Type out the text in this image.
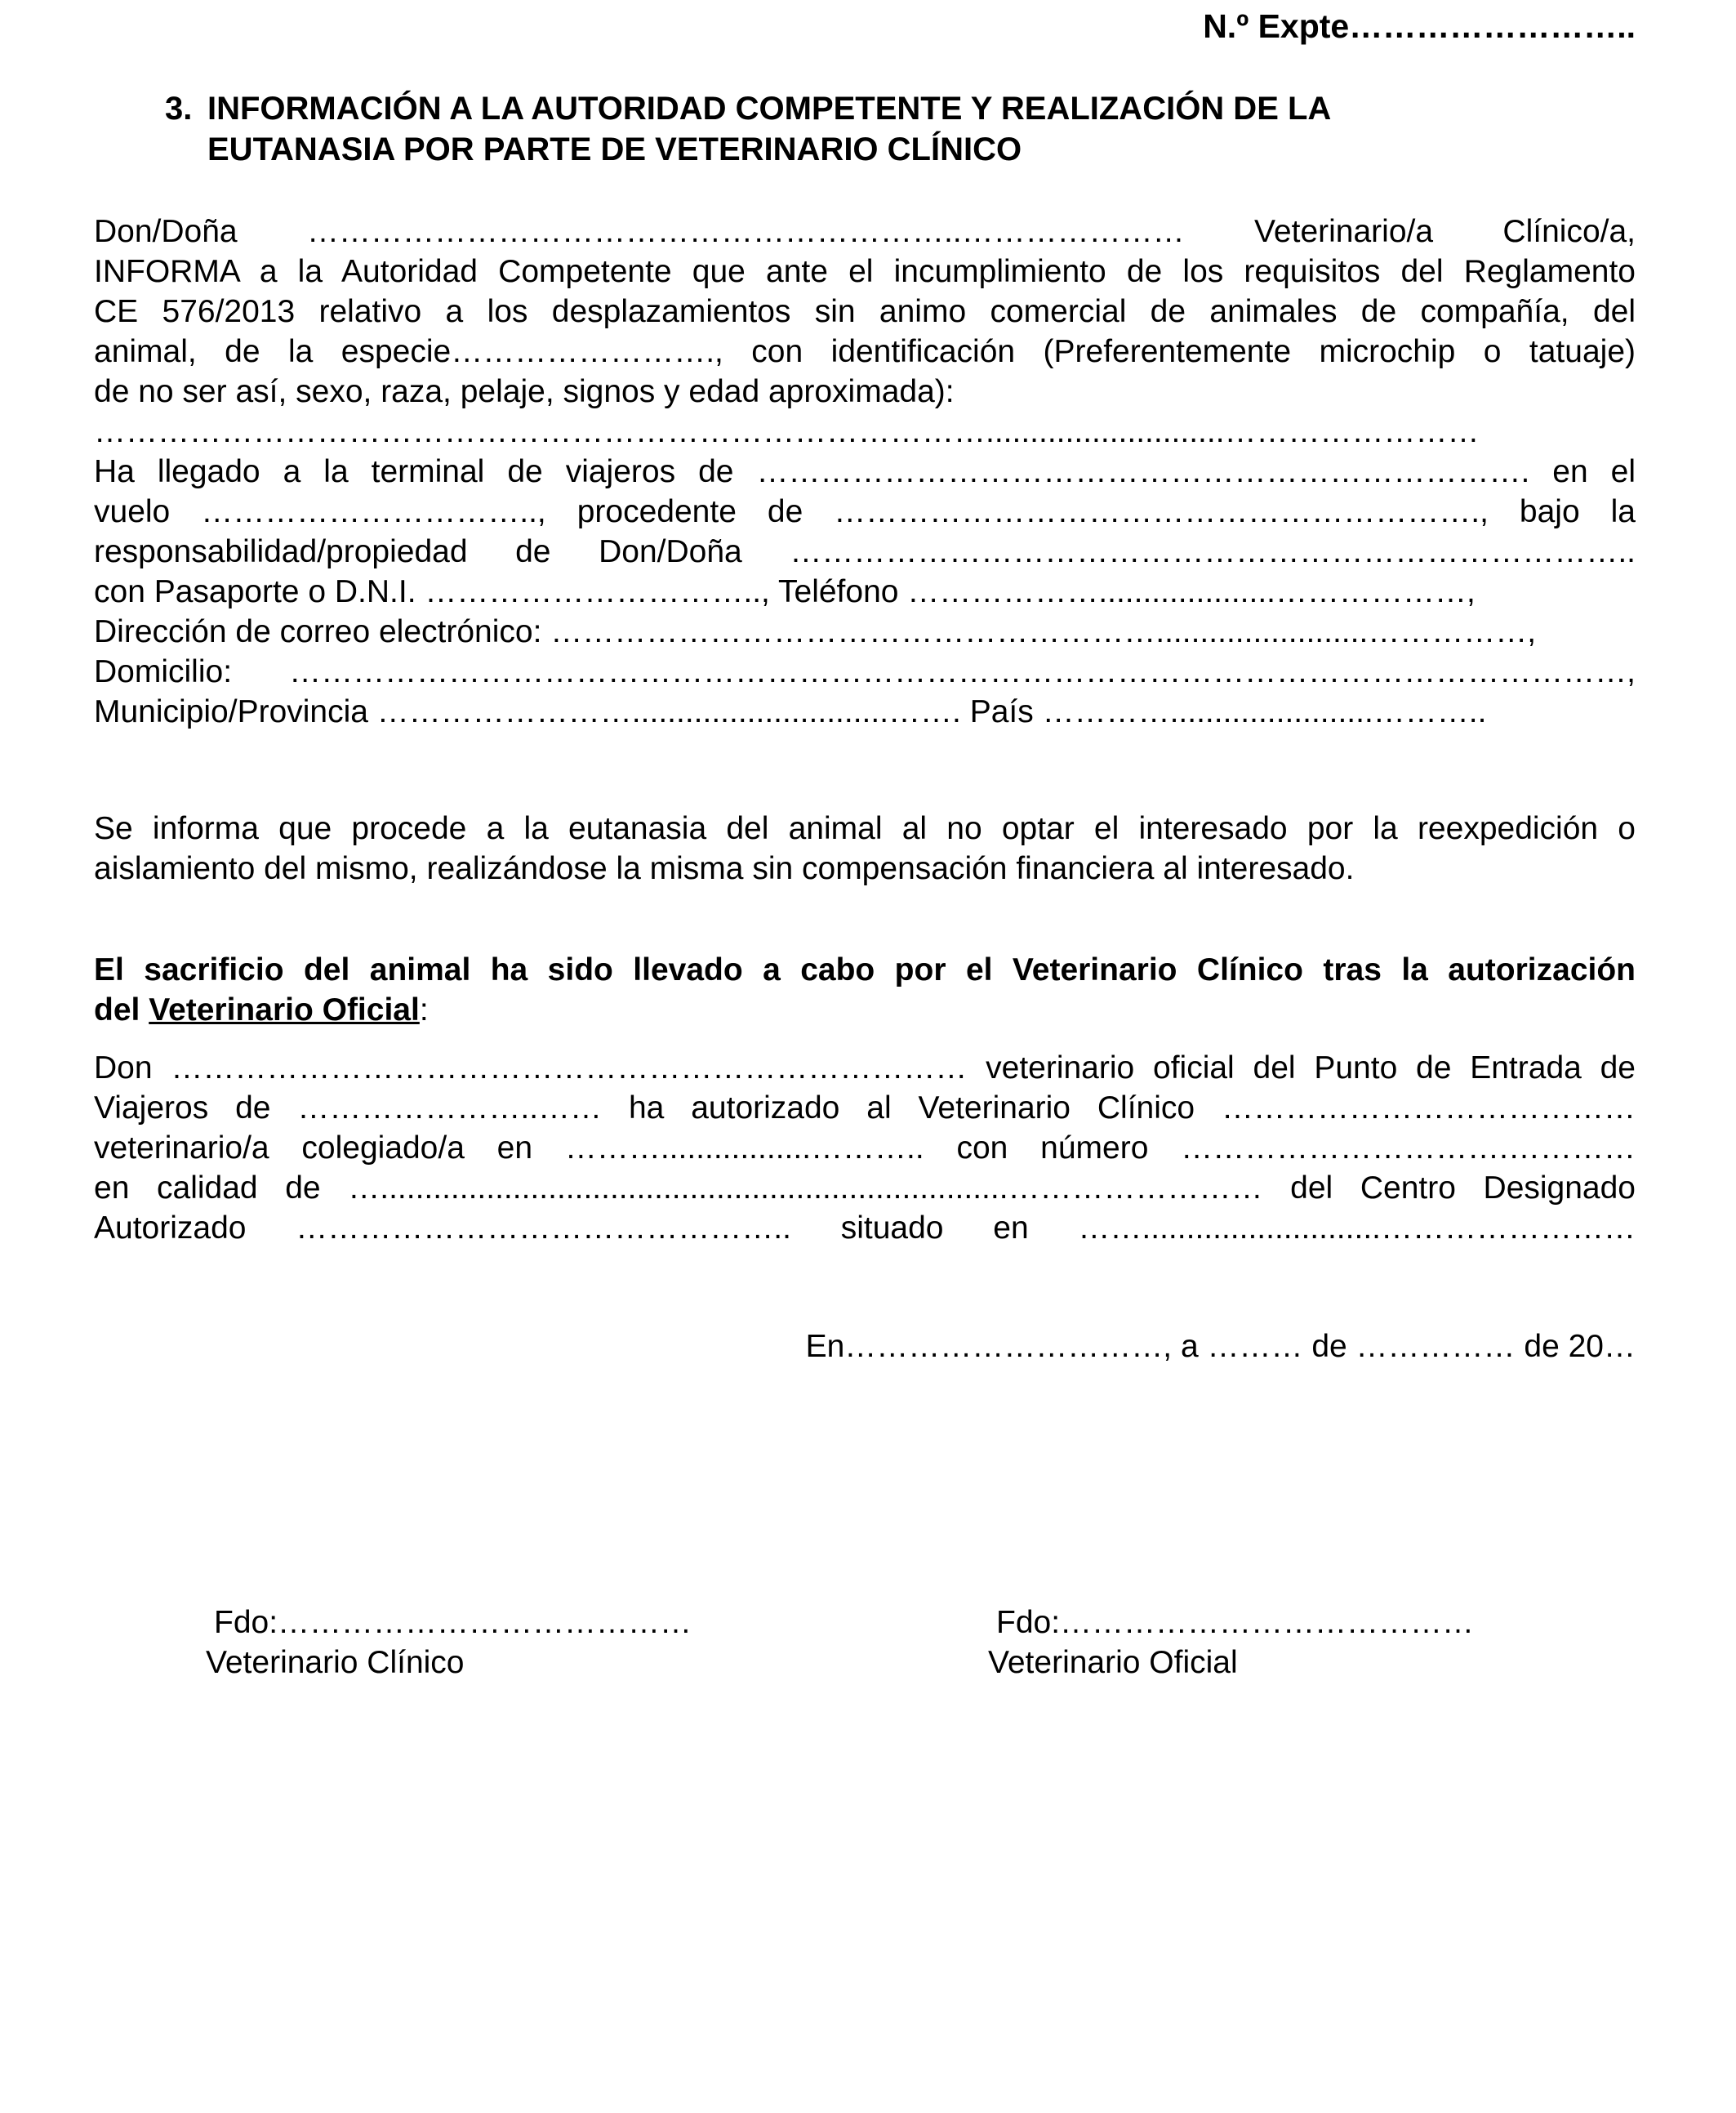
N.º Expte……………………..
3. INFORMACIÓN A LA AUTORIDAD COMPETENTE Y REALIZACIÓN DE LA
EUTANASIA POR PARTE DE VETERINARIO CLÍNICO
Don/Doña ……………………………………………………..………………… Veterinario/a Clínico/a,
INFORMA a la Autoridad Competente que ante el incumplimiento de los requisitos del Reglamento
CE 576/2013 relativo a los desplazamientos sin animo comercial de animales de compañía, del
animal, de la especie……………………., con identificación (Preferentemente microchip o tatuaje)
de no ser así, sexo, raza, pelaje, signos y edad aproximada):
…………………………………………………………………………...........................……………………
Ha llegado a la terminal de viajeros de ………………………………………………………………. en el
vuelo ………………………….., procedente de ……………………………………………………., bajo la
responsabilidad/propiedad de Don/Doña ……………………………………………………………………..
con Pasaporte o D.N.I. ………………………….., Teléfono ………………....................………………,
Dirección de correo electrónico: …………………………………………………........................……………,
Domicilio: ………………………………………………………………………………………………………………,
Municipio/Provincia …………………….............................……. País ………….......................………..
Se informa que procede a la eutanasia del animal al no optar el interesado por la reexpedición o
aislamiento del mismo, realizándose la misma sin compensación financiera al interesado.
El sacrificio del animal ha sido llevado a cabo por el Veterinario Clínico tras la autorización
del Veterinario Oficial:
Don ………………………………………………………………… veterinario oficial del Punto de Entrada de
Viajeros de …………………..…… ha autorizado al Veterinario Clínico …………………………………
veterinario/a colegiado/a en ……….................……….. con número ………………………….…………
en calidad de ….......................................................................…………………… del Centro Designado
Autorizado ……………………………………….. situado en ……...........................……………………
En…………………………, a ……… de …………… de 20…
Fdo:…………………………………
Veterinario Clínico
Fdo:…………………………………
Veterinario Oficial
